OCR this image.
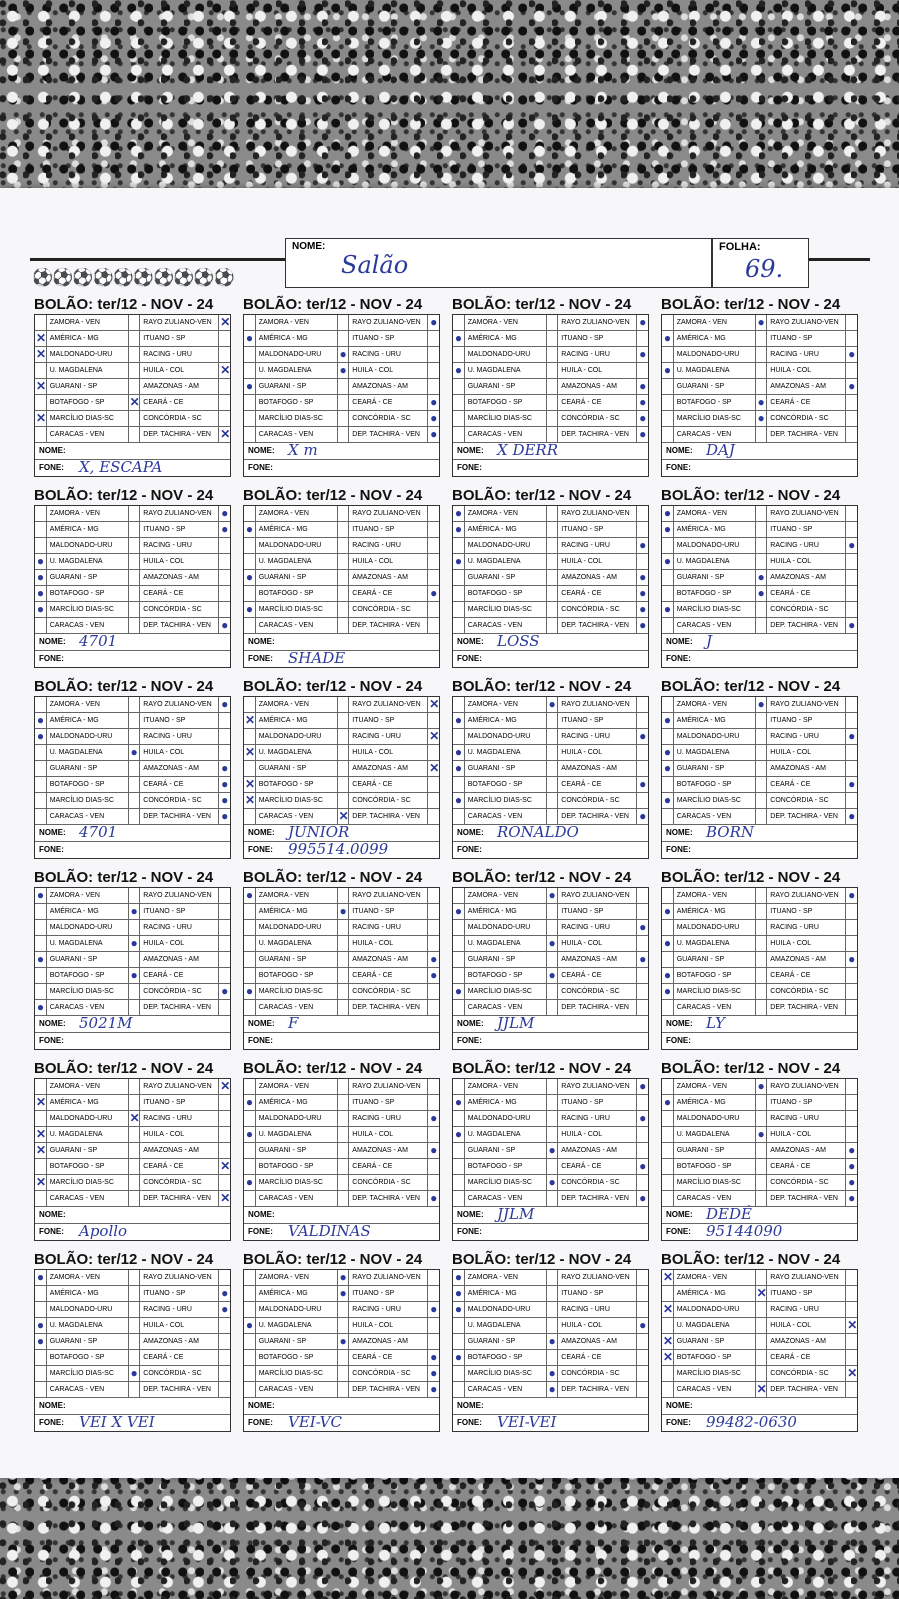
⚽⚽⚽⚽⚽⚽⚽⚽⚽⚽
NOME:
Salão
FOLHA:
69.
BOLÃO: ter/12 - NOV - 24
ZAMORA - VEN	RAYO ZULIANO-VEN ✕
✕ AMÉRICA - MG	ITUANO - SP
✕ MALDONADO-URU	RACING - URU
U. MAGDALENA	HUILA - COL	✕
✕ GUARANI - SP	AMAZONAS - AM
BOTAFOGO - SP	✕ CEARÁ - CE
✕ MARCÍLIO DIAS-SC	CONCÓRDIA - SC
CARACAS - VEN	DEP. TACHIRA - VEN ✕
NOME:
FONE: X, ESCAPA
BOLÃO: ter/12 - NOV - 24
ZAMORA - VEN	RAYO ZULIANO-VEN ●
● AMÉRICA - MG	ITUANO - SP
MALDONADO-URU	● RACING - URU
U. MAGDALENA	● HUILA - COL
● GUARANI - SP	AMAZONAS - AM
BOTAFOGO - SP	CEARÁ - CE	●
MARCÍLIO DIAS-SC	CONCÓRDIA - SC	●
CARACAS - VEN	DEP. TACHIRA - VEN ●
NOME: X m
FONE:
BOLÃO: ter/12 - NOV - 24
ZAMORA - VEN	RAYO ZULIANO-VEN ●
● AMÉRICA - MG	ITUANO - SP
MALDONADO-URU	RACING - URU	●
● U. MAGDALENA	HUILA - COL
GUARANI - SP	AMAZONAS - AM	●
BOTAFOGO - SP	CEARÁ - CE	●
MARCÍLIO DIAS-SC	CONCÓRDIA - SC	●
CARACAS - VEN	DEP. TACHIRA - VEN ●
NOME: X DERR
FONE:
BOLÃO: ter/12 - NOV - 24
ZAMORA - VEN	● RAYO ZULIANO-VEN
● AMÉRICA - MG	ITUANO - SP
MALDONADO-URU	RACING - URU	●
● U. MAGDALENA	HUILA - COL
GUARANI - SP	AMAZONAS - AM	●
BOTAFOGO - SP	● CEARÁ - CE
MARCÍLIO DIAS-SC	● CONCÓRDIA - SC
CARACAS - VEN	DEP. TACHIRA - VEN
NOME: DAJ
FONE:
BOLÃO: ter/12 - NOV - 24
ZAMORA - VEN	RAYO ZULIANO-VEN ●
AMÉRICA - MG	ITUANO - SP	●
MALDONADO-URU	RACING - URU
● U. MAGDALENA	HUILA - COL
● GUARANI - SP	AMAZONAS - AM
● BOTAFOGO - SP	CEARÁ - CE
● MARCÍLIO DIAS-SC	CONCÓRDIA - SC
CARACAS - VEN	DEP. TACHIRA - VEN ●
NOME: 4701
FONE:
BOLÃO: ter/12 - NOV - 24
ZAMORA - VEN	RAYO ZULIANO-VEN
● AMÉRICA - MG	ITUANO - SP
MALDONADO-URU	RACING - URU
U. MAGDALENA	HUILA - COL
● GUARANI - SP	AMAZONAS - AM
BOTAFOGO - SP	CEARÁ - CE	●
● MARCÍLIO DIAS-SC	CONCÓRDIA - SC
CARACAS - VEN	DEP. TACHIRA - VEN
NOME:
FONE: SHADE
BOLÃO: ter/12 - NOV - 24
● ZAMORA - VEN	RAYO ZULIANO-VEN
● AMÉRICA - MG	ITUANO - SP
MALDONADO-URU	RACING - URU	●
● U. MAGDALENA	HUILA - COL
GUARANI - SP	AMAZONAS - AM	●
BOTAFOGO - SP	CEARÁ - CE	●
MARCÍLIO DIAS-SC	CONCÓRDIA - SC	●
CARACAS - VEN	DEP. TACHIRA - VEN ●
NOME: LOSS
FONE:
BOLÃO: ter/12 - NOV - 24
● ZAMORA - VEN	RAYO ZULIANO-VEN
● AMÉRICA - MG	ITUANO - SP
MALDONADO-URU	RACING - URU	●
● U. MAGDALENA	HUILA - COL
GUARANI - SP	● AMAZONAS - AM
BOTAFOGO - SP	● CEARÁ - CE
● MARCÍLIO DIAS-SC	CONCÓRDIA - SC
CARACAS - VEN	DEP. TACHIRA - VEN ●
NOME: J
FONE:
BOLÃO: ter/12 - NOV - 24
ZAMORA - VEN	RAYO ZULIANO-VEN ●
● AMÉRICA - MG	ITUANO - SP
● MALDONADO-URU	RACING - URU
U. MAGDALENA	● HUILA - COL
GUARANI - SP	AMAZONAS - AM	●
BOTAFOGO - SP	CEARÁ - CE	●
MARCÍLIO DIAS-SC	CONCÓRDIA - SC	●
CARACAS - VEN	DEP. TACHIRA - VEN ●
NOME: 4701
FONE:
BOLÃO: ter/12 - NOV - 24
ZAMORA - VEN	RAYO ZULIANO-VEN ✕
✕ AMÉRICA - MG	ITUANO - SP
MALDONADO-URU	RACING - URU	✕
✕ U. MAGDALENA	HUILA - COL
GUARANI - SP	AMAZONAS - AM	✕
✕ BOTAFOGO - SP	CEARÁ - CE
✕ MARCÍLIO DIAS-SC	CONCÓRDIA - SC
CARACAS - VEN	✕ DEP. TACHIRA - VEN
NOME: JUNIOR
FONE: 995514.0099
BOLÃO: ter/12 - NOV - 24
ZAMORA - VEN	● RAYO ZULIANO-VEN
● AMÉRICA - MG	ITUANO - SP
MALDONADO-URU	RACING - URU	●
● U. MAGDALENA	HUILA - COL
● GUARANI - SP	AMAZONAS - AM
BOTAFOGO - SP	CEARÁ - CE	●
● MARCÍLIO DIAS-SC	CONCÓRDIA - SC
CARACAS - VEN	DEP. TACHIRA - VEN ●
NOME: RONALDO
FONE:
BOLÃO: ter/12 - NOV - 24
ZAMORA - VEN	● RAYO ZULIANO-VEN
● AMÉRICA - MG	ITUANO - SP
MALDONADO-URU	RACING - URU	●
● U. MAGDALENA	HUILA - COL
● GUARANI - SP	AMAZONAS - AM
BOTAFOGO - SP	CEARÁ - CE	●
● MARCÍLIO DIAS-SC	CONCÓRDIA - SC
CARACAS - VEN	DEP. TACHIRA - VEN ●
NOME: BORN
FONE:
BOLÃO: ter/12 - NOV - 24
● ZAMORA - VEN	RAYO ZULIANO-VEN
AMÉRICA - MG	● ITUANO - SP
MALDONADO-URU	RACING - URU
U. MAGDALENA	● HUILA - COL
● GUARANI - SP	AMAZONAS - AM
BOTAFOGO - SP	● CEARÁ - CE
MARCÍLIO DIAS-SC	CONCÓRDIA - SC	●
● CARACAS - VEN	DEP. TACHIRA - VEN
NOME: 5021M
FONE:
BOLÃO: ter/12 - NOV - 24
● ZAMORA - VEN	RAYO ZULIANO-VEN
AMÉRICA - MG	● ITUANO - SP
MALDONADO-URU	RACING - URU
U. MAGDALENA	HUILA - COL
GUARANI - SP	AMAZONAS - AM	●
BOTAFOGO - SP	CEARÁ - CE	●
● MARCÍLIO DIAS-SC	CONCÓRDIA - SC
CARACAS - VEN	DEP. TACHIRA - VEN
NOME: F
FONE:
BOLÃO: ter/12 - NOV - 24
ZAMORA - VEN	● RAYO ZULIANO-VEN
● AMÉRICA - MG	ITUANO - SP
MALDONADO-URU	RACING - URU	●
U. MAGDALENA	● HUILA - COL
GUARANI - SP	AMAZONAS - AM	●
BOTAFOGO - SP	● CEARÁ - CE
● MARCÍLIO DIAS-SC	CONCÓRDIA - SC
CARACAS - VEN	DEP. TACHIRA - VEN
NOME: JJLM
FONE:
BOLÃO: ter/12 - NOV - 24
ZAMORA - VEN	RAYO ZULIANO-VEN ●
● AMÉRICA - MG	ITUANO - SP
MALDONADO-URU	RACING - URU
● U. MAGDALENA	HUILA - COL
GUARANI - SP	AMAZONAS - AM	●
● BOTAFOGO - SP	CEARÁ - CE
● MARCÍLIO DIAS-SC	CONCÓRDIA - SC
CARACAS - VEN	DEP. TACHIRA - VEN
NOME: LY
FONE:
BOLÃO: ter/12 - NOV - 24
ZAMORA - VEN	RAYO ZULIANO-VEN ✕
✕ AMÉRICA - MG	ITUANO - SP
MALDONADO-URU	✕ RACING - URU
✕ U. MAGDALENA	HUILA - COL
✕ GUARANI - SP	AMAZONAS - AM
BOTAFOGO - SP	CEARÁ - CE	✕
✕ MARCÍLIO DIAS-SC	CONCÓRDIA - SC
CARACAS - VEN	DEP. TACHIRA - VEN ✕
NOME:
FONE: Apollo
BOLÃO: ter/12 - NOV - 24
ZAMORA - VEN	RAYO ZULIANO-VEN
● AMÉRICA - MG	ITUANO - SP
MALDONADO-URU	RACING - URU	●
● U. MAGDALENA	HUILA - COL
GUARANI - SP	AMAZONAS - AM	●
BOTAFOGO - SP	CEARÁ - CE
● MARCÍLIO DIAS-SC	CONCÓRDIA - SC
CARACAS - VEN	DEP. TACHIRA - VEN ●
NOME:
FONE: VALDINAS
BOLÃO: ter/12 - NOV - 24
ZAMORA - VEN	RAYO ZULIANO-VEN ●
● AMÉRICA - MG	ITUANO - SP
MALDONADO-URU	RACING - URU	●
● U. MAGDALENA	HUILA - COL
GUARANI - SP	● AMAZONAS - AM
BOTAFOGO - SP	CEARÁ - CE	●
MARCÍLIO DIAS-SC	● CONCÓRDIA - SC
CARACAS - VEN	DEP. TACHIRA - VEN ●
NOME: JJLM
FONE:
BOLÃO: ter/12 - NOV - 24
ZAMORA - VEN	● RAYO ZULIANO-VEN
● AMÉRICA - MG	ITUANO - SP
MALDONADO-URU	RACING - URU
U. MAGDALENA	● HUILA - COL
GUARANI - SP	AMAZONAS - AM	●
BOTAFOGO - SP	CEARÁ - CE	●
MARCÍLIO DIAS-SC	CONCÓRDIA - SC	●
CARACAS - VEN	DEP. TACHIRA - VEN ●
NOME: DEDÉ
FONE: 95144090
BOLÃO: ter/12 - NOV - 24
● ZAMORA - VEN	RAYO ZULIANO-VEN
AMÉRICA - MG	ITUANO - SP	●
MALDONADO-URU	RACING - URU	●
● U. MAGDALENA	HUILA - COL
● GUARANI - SP	AMAZONAS - AM
BOTAFOGO - SP	CEARÁ - CE
MARCÍLIO DIAS-SC	● CONCÓRDIA - SC
CARACAS - VEN	DEP. TACHIRA - VEN
NOME:
FONE: VEI X VEI
BOLÃO: ter/12 - NOV - 24
ZAMORA - VEN	● RAYO ZULIANO-VEN
AMÉRICA - MG	● ITUANO - SP
MALDONADO-URU	RACING - URU	●
● U. MAGDALENA	HUILA - COL
GUARANI - SP	● AMAZONAS - AM
BOTAFOGO - SP	CEARÁ - CE	●
MARCÍLIO DIAS-SC	CONCÓRDIA - SC	●
CARACAS - VEN	DEP. TACHIRA - VEN ●
NOME:
FONE: VEI-VC
BOLÃO: ter/12 - NOV - 24
● ZAMORA - VEN	RAYO ZULIANO-VEN
● AMÉRICA - MG	ITUANO - SP
● MALDONADO-URU	RACING - URU
U. MAGDALENA	HUILA - COL	●
GUARANI - SP	● AMAZONAS - AM
● BOTAFOGO - SP	CEARÁ - CE
MARCÍLIO DIAS-SC	● CONCÓRDIA - SC
CARACAS - VEN	● DEP. TACHIRA - VEN
NOME:
FONE: VEI-VEI
BOLÃO: ter/12 - NOV - 24
✕ ZAMORA - VEN	RAYO ZULIANO-VEN
AMÉRICA - MG	✕ ITUANO - SP
✕ MALDONADO-URU	RACING - URU
U. MAGDALENA	HUILA - COL	✕
✕ GUARANI - SP	AMAZONAS - AM
✕ BOTAFOGO - SP	CEARÁ - CE
MARCÍLIO DIAS-SC	CONCÓRDIA - SC	✕
CARACAS - VEN	✕ DEP. TACHIRA - VEN
NOME:
FONE: 99482-0630
